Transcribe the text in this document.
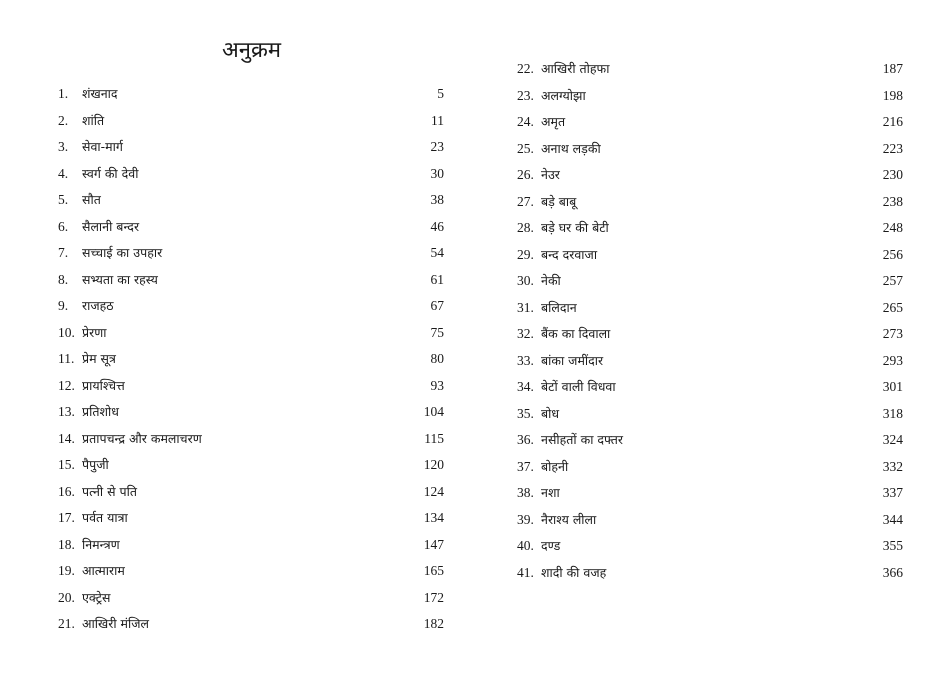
अनुक्रम
1. शंखनाद	5
2. शांति	11
3. सेवा-मार्ग	23
4. स्वर्ग की देवी	30
5. सौत	38
6. सैलानी बन्दर	46
7. सच्चाई का उपहार	54
8. सभ्यता का रहस्य	61
9. राजहठ	67
10. प्रेरणा	75
11. प्रेम सूत्र	80
12. प्रायश्चित्त	93
13. प्रतिशोध	104
14. प्रतापचन्द्र और कमलाचरण	115
15. पैपुजी	120
16. पत्नी से पति	124
17. पर्वत यात्रा	134
18. निमन्त्रण	147
19. आत्माराम	165
20. एक्ट्रेस	172
21. आखिरी मंजिल	182
22. आखिरी तोहफा	187
23. अलग्योझा	198
24. अमृत	216
25. अनाथ लड़की	223
26. नेउर	230
27. बड़े बाबू	238
28. बड़े घर की बेटी	248
29. बन्द दरवाजा	256
30. नेकी	257
31. बलिदान	265
32. बैंक का दिवाला	273
33. बांका जमींदार	293
34. बेटों वाली विधवा	301
35. बोध	318
36. नसीहतों का दफ्तर	324
37. बोहनी	332
38. नशा	337
39. नैराश्य लीला	344
40. दण्ड	355
41. शादी की वजह	366
